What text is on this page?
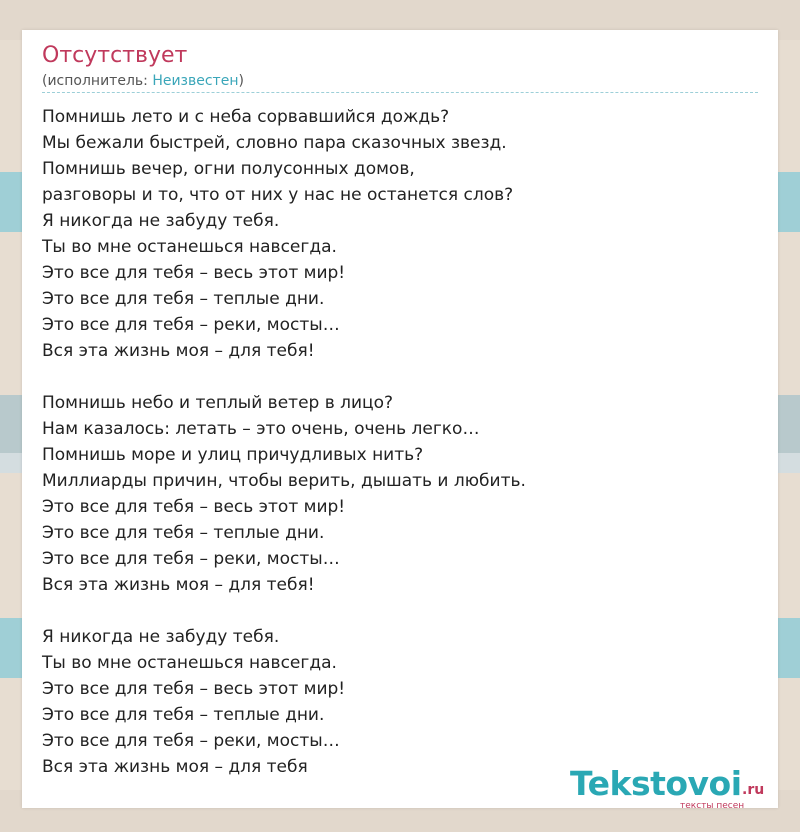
Отсутствует
(исполнитель: Неизвестен)
Помнишь лето и с неба сорвавшийся дождь?
Мы бежали быстрей, словно пара сказочных звезд.
Помнишь вечер, огни полусонных домов,
разговоры и то, что от них у нас не останется слов?
Я никогда не забуду тебя.
Ты во мне останешься навсегда.
Это все для тебя – весь этот мир!
Это все для тебя – теплые дни.
Это все для тебя – реки, мосты…
Вся эта жизнь моя – для тебя!
Помнишь небо и теплый ветер в лицо?
Нам казалось: летать – это очень, очень легко…
Помнишь море и улиц причудливых нить?
Миллиарды причин, чтобы верить, дышать и любить.
Это все для тебя – весь этот мир!
Это все для тебя – теплые дни.
Это все для тебя – реки, мосты…
Вся эта жизнь моя – для тебя!
Я никогда не забуду тебя.
Ты во мне останешься навсегда.
Это все для тебя – весь этот мир!
Это все для тебя – теплые дни.
Это все для тебя – реки, мосты…
Вся эта жизнь моя – для тебя	Tekstovoi .ru
тексты песен
